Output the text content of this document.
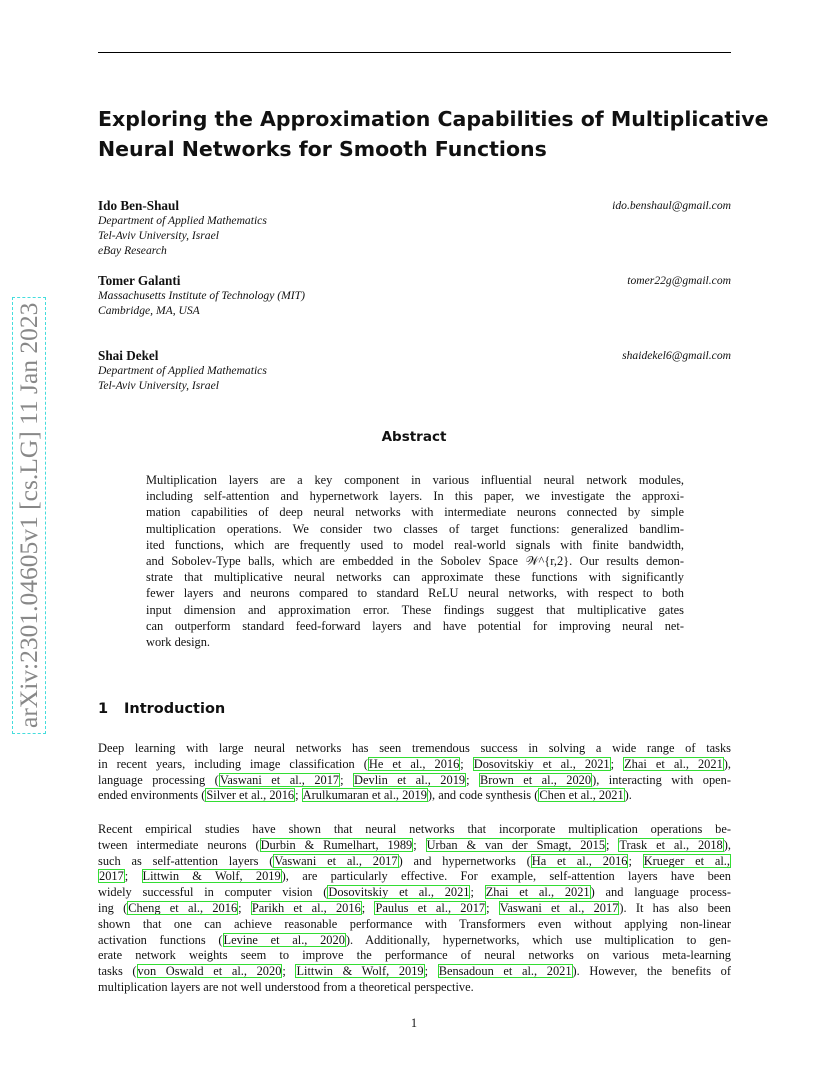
arXiv:2301.04605v1 [cs.LG] 11 Jan 2023
Exploring the Approximation Capabilities of Multiplicative
Neural Networks for Smooth Functions
Ido Ben-Shaul	ido.benshaul@gmail.com
Department of Applied Mathematics
Tel-Aviv University, Israel
eBay Research
Tomer Galanti	tomer22g@gmail.com
Massachusetts Institute of Technology (MIT)
Cambridge, MA, USA
Shai Dekel	shaidekel6@gmail.com
Department of Applied Mathematics
Tel-Aviv University, Israel
Abstract
Multiplication layers are a key component in various influential neural network modules,
including self-attention and hypernetwork layers. In this paper, we investigate the approxi-
mation capabilities of deep neural networks with intermediate neurons connected by simple
multiplication operations. We consider two classes of target functions: generalized bandlim-
ited functions, which are frequently used to model real-world signals with finite bandwidth,
and Sobolev-Type balls, which are embedded in the Sobolev Space 𝒲^{r,2}. Our results demon-
strate that multiplicative neural networks can approximate these functions with significantly
fewer layers and neurons compared to standard ReLU neural networks, with respect to both
input dimension and approximation error. These findings suggest that multiplicative gates
can outperform standard feed-forward layers and have potential for improving neural net-
work design.
1 Introduction
Deep learning with large neural networks has seen tremendous success in solving a wide range of tasks
in recent years, including image classification (He et al., 2016; Dosovitskiy et al., 2021; Zhai et al., 2021),
language processing (Vaswani et al., 2017; Devlin et al., 2019; Brown et al., 2020), interacting with open-
ended environments (Silver et al., 2016; Arulkumaran et al., 2019), and code synthesis (Chen et al., 2021).
Recent empirical studies have shown that neural networks that incorporate multiplication operations be-
tween intermediate neurons (Durbin & Rumelhart, 1989; Urban & van der Smagt, 2015; Trask et al., 2018),
such as self-attention layers (Vaswani et al., 2017) and hypernetworks (Ha et al., 2016; Krueger et al.,
2017; Littwin & Wolf, 2019), are particularly effective. For example, self-attention layers have been
widely successful in computer vision (Dosovitskiy et al., 2021; Zhai et al., 2021) and language process-
ing (Cheng et al., 2016; Parikh et al., 2016; Paulus et al., 2017; Vaswani et al., 2017). It has also been
shown that one can achieve reasonable performance with Transformers even without applying non-linear
activation functions (Levine et al., 2020). Additionally, hypernetworks, which use multiplication to gen-
erate network weights seem to improve the performance of neural networks on various meta-learning
tasks (von Oswald et al., 2020; Littwin & Wolf, 2019; Bensadoun et al., 2021). However, the benefits of
multiplication layers are not well understood from a theoretical perspective.
1
